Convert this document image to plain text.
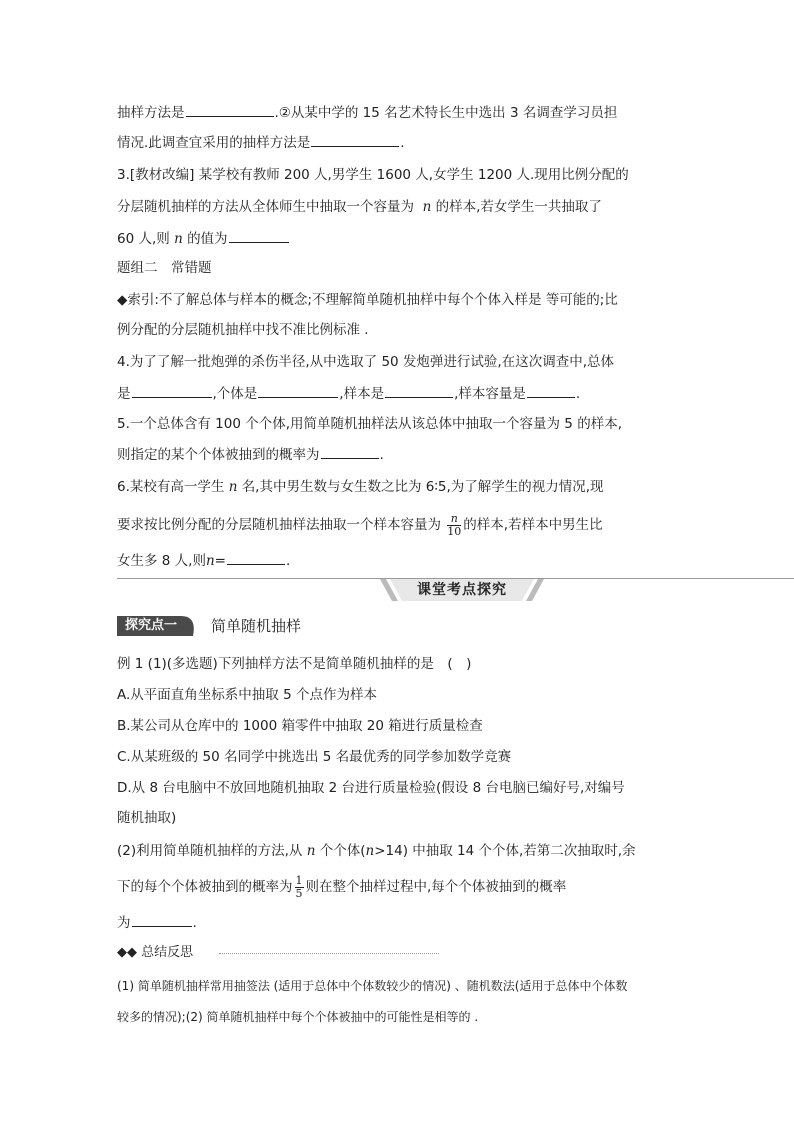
抽样方法是	.②从某中学的 15 名艺术特长生中选出 3 名调查学习员担
情况.此调查宜采用的抽样方法是	.
3.[教材改编] 某学校有教师 200 人,男学生 1600 人,女学生 1200 人.现用比例分配的
分层随机抽样的方法从全体师生中抽取一个容量为 n 的样本,若女学生一共抽取了
60 人,则 n 的值为
题组二　常错题
◆索引:不了解总体与样本的概念;不理解简单随机抽样中每个个体入样是 等可能的;比
例分配的分层随机抽样中找不准比例标准 .
4.为了了解一批炮弹的杀伤半径,从中选取了 50 发炮弹进行试验,在这次调查中,总体
是	,个体是	,样本是	,样本容量是	.
5.一个总体含有 100 个个体,用简单随机抽样法从该总体中抽取一个容量为 5 的样本,
则指定的某个个体被抽到的概率为	.
6.某校有高一学生 n 名,其中男生数与女生数之比为 6∶5,为了解学生的视力情况,现
要求按比例分配的分层随机抽样法抽取一个样本容量为 $\frac{n}{10}$ 的样本,若样本中男生比
女生多 8 人,则n=	.
课堂考点探究
探究点一 简单随机抽样
例 1 (1)(多选题)下列抽样方法不是简单随机抽样的是　(　)
A.从平面直角坐标系中抽取 5 个点作为样本
B.某公司从仓库中的 1000 箱零件中抽取 20 箱进行质量检查
C.从某班级的 50 名同学中挑选出 5 名最优秀的同学参加数学竞赛
D.从 8 台电脑中不放回地随机抽取 2 台进行质量检验(假设 8 台电脑已编好号,对编号
随机抽取)
(2)利用简单随机抽样的方法,从 n 个个体(n>14) 中抽取 14 个个体,若第二次抽取时,余
下的每个个体被抽到的概率为 $\frac{1}{5}$ 则在整个抽样过程中,每个个体被抽到的概率
为	.
◆◆ 总结反思
(1) 简单随机抽样常用抽签法 (适用于总体中个体数较少的情况) 、随机数法(适用于总体中个体数
较多的情况);(2) 简单随机抽样中每个个体被抽中的可能性是相等的 .
